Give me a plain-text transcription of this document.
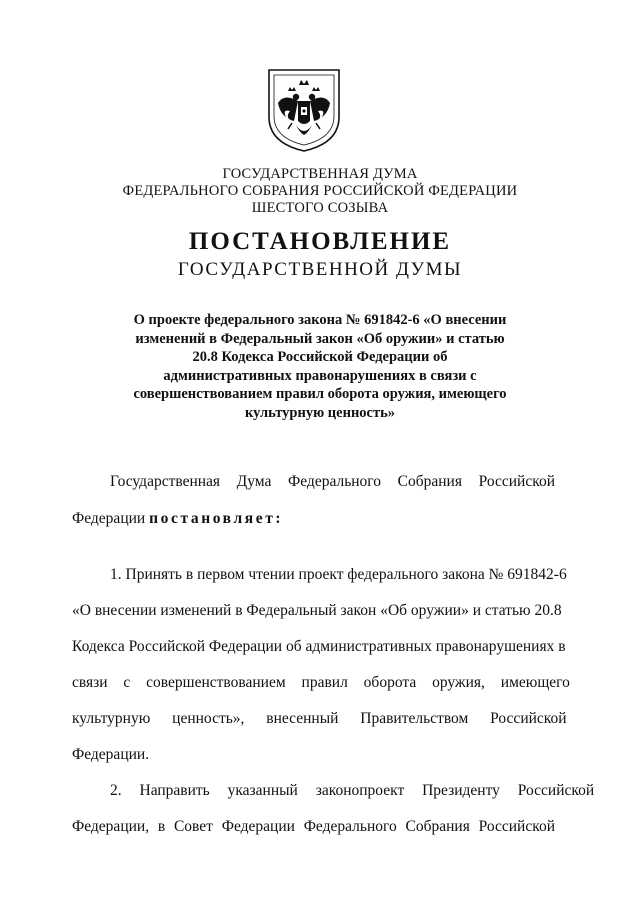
ГОСУДАРСТВЕННАЯ ДУМА
ФЕДЕРАЛЬНОГО СОБРАНИЯ РОССИЙСКОЙ ФЕДЕРАЦИИ
ШЕСТОГО СОЗЫВА
ПОСТАНОВЛЕНИЕ
ГОСУДАРСТВЕННОЙ ДУМЫ
О проекте федерального закона № 691842-6 «О внесении
изменений в Федеральный закон «Об оружии» и статью
20.8 Кодекса Российской Федерации об
административных правонарушениях в связи с
совершенствованием правил оборота оружия, имеющего
культурную ценность»
Государственная Дума Федерального Собрания Российской
Федерации постановляет:
1. Принять в первом чтении проект федерального закона № 691842-6
«О внесении изменений в Федеральный закон «Об оружии» и статью 20.8
Кодекса Российской Федерации об административных правонарушениях в
связи с совершенствованием правил оборота оружия, имеющего
культурную ценность», внесенный Правительством Российской
Федерации.
2. Направить указанный законопроект Президенту Российской
Федерации, в Совет Федерации Федерального Собрания Российской
